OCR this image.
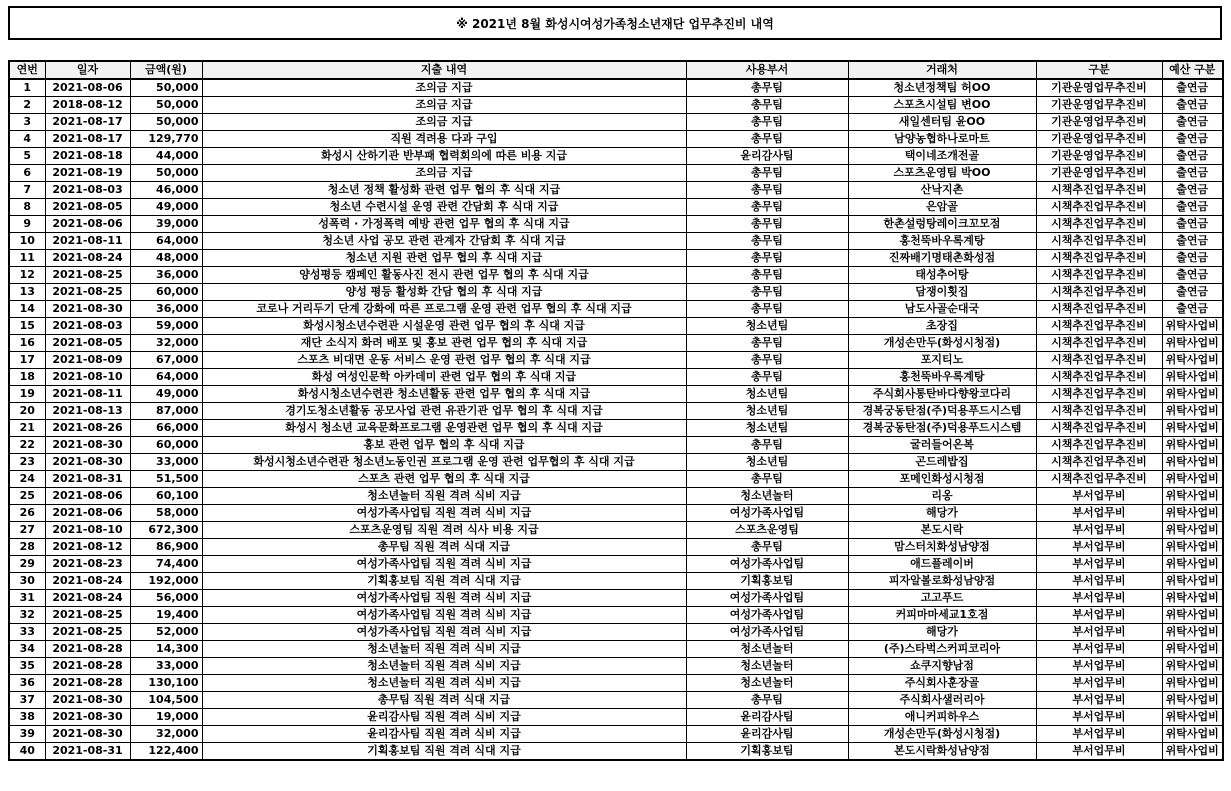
※ 2021년 8월 화성시여성가족청소년재단 업무추진비 내역
연번	일자	금액(원)	지출 내역	사용부서	거래처	구분	예산 구분
1	2021-08-06	50,000	조의금 지급	총무팀	청소년정책팀 허OO	기관운영업무추진비	출연금
2	2018-08-12	50,000	조의금 지급	총무팀	스포츠시설팀 변OO	기관운영업무추진비	출연금
3	2021-08-17	50,000	조의금 지급	총무팀	새일센터팀 윤OO	기관운영업무추진비	출연금
4	2021-08-17	129,770	직원 격려용 다과 구입	총무팀	남양농협하나로마트	기관운영업무추진비	출연금
5	2021-08-18	44,000	화성시 산하기관 반부패 협력회의에 따른 비용 지급	윤리감사팀	택이네조개전골	기관운영업무추진비	출연금
6	2021-08-19	50,000	조의금 지급	총무팀	스포츠운영팀 박OO	기관운영업무추진비	출연금
7	2021-08-03	46,000	청소년 정책 활성화 관련 업무 협의 후 식대 지급	총무팀	산낙지촌	시책추진업무추진비	출연금
8	2021-08-05	49,000	청소년 수련시설 운영 관련 간담회 후 식대 지급	총무팀	은암골	시책추진업무추진비	출연금
9	2021-08-06	39,000	성폭력 · 가정폭력 예방 관련 업무 협의 후 식대 지급	총무팀	한촌설렁탕레이크꼬모점	시책추진업무추진비	출연금
10	2021-08-11	64,000	청소년 사업 공모 관련 관계자 간담회 후 식대 지급	총무팀	홍천뚝바우록계탕	시책추진업무추진비	출연금
11	2021-08-24	48,000	청소년 지원 관련 업무 협의 후 식대 지급	총무팀	진짜배기명태촌화성점	시책추진업무추진비	출연금
12	2021-08-25	36,000	양성평등 캠페인 활동사진 전시 관련 업무 협의 후 식대 지급	총무팀	태성추어탕	시책추진업무추진비	출연금
13	2021-08-25	60,000	양성 평등 활성화 간담 협의 후 식대 지급	총무팀	담쟁이횟집	시책추진업무추진비	출연금
14	2021-08-30	36,000	코로나 거리두기 단계 강화에 따른 프로그램 운영 관련 업무 협의 후 식대 지급	총무팀	남도사골순대국	시책추진업무추진비	출연금
15	2021-08-03	59,000	화성시청소년수련관 시설운영 관련 업무 협의 후 식대 지급	청소년팀	초장집	시책추진업무추진비	위탁사업비
16	2021-08-05	32,000	재단 소식지 화려 배포 및 홍보 관련 업무 협의 후 식대 지급	총무팀	개성손만두(화성시청점)	시책추진업무추진비	위탁사업비
17	2021-08-09	67,000	스포츠 비대면 운동 서비스 운영 관련 업무 협의 후 식대 지급	총무팀	포지티노	시책추진업무추진비	위탁사업비
18	2021-08-10	64,000	화성 여성인문학 아카데미 관련 업무 협의 후 식대 지급	총무팀	홍천뚝바우록계탕	시책추진업무추진비	위탁사업비
19	2021-08-11	49,000	화성시청소년수련관 청소년활동 관련 업무 협의 후 식대 지급	청소년팀	주식회사통탄바다향왕코다리	시책추진업무추진비	위탁사업비
20	2021-08-13	87,000	경기도청소년활동 공모사업 관련 유관기관 업무 협의 후 식대 지급	청소년팀	경복궁동탄점(주)덕용푸드시스템	시책추진업무추진비	위탁사업비
21	2021-08-26	66,000	화성시 청소년 교육문화프로그램 운영관련 업무 협의 후 식대 지급	청소년팀	경복궁동탄점(주)덕용푸드시스템	시책추진업무추진비	위탁사업비
22	2021-08-30	60,000	홍보 관련 업무 협의 후 식대 지급	총무팀	굴러들어온복	시책추진업무추진비	위탁사업비
23	2021-08-30	33,000	화성시청소년수련관 청소년노동인권 프로그램 운영 관련 업무협의 후 식대 지급	청소년팀	곤드레밥집	시책추진업무추진비	위탁사업비
24	2021-08-31	51,500	스포츠 관련 업무 협의 후 식대 지급	총무팀	포메인화성시청점	시책추진업무추진비	위탁사업비
25	2021-08-06	60,100	청소년놀터 직원 격려 식비 지급	청소년놀터	리옹	부서업무비	위탁사업비
26	2021-08-06	58,000	여성가족사업팀 직원 격려 식비 지급	여성가족사업팀	해당가	부서업무비	위탁사업비
27	2021-08-10	672,300	스포츠운영팀 직원 격려 식사 비용 지급	스포츠운영팀	본도시락	부서업무비	위탁사업비
28	2021-08-12	86,900	총무팀 직원 격려 식대 지급	총무팀	맘스터치화성남양점	부서업무비	위탁사업비
29	2021-08-23	74,400	여성가족사업팀 직원 격려 식비 지급	여성가족사업팀	애드플레이버	부서업무비	위탁사업비
30	2021-08-24	192,000	기획홍보팀 직원 격려 식대 지급	기획홍보팀	피자알볼로화성남양점	부서업무비	위탁사업비
31	2021-08-24	56,000	여성가족사업팀 직원 격려 식비 지급	여성가족사업팀	고고푸드	부서업무비	위탁사업비
32	2021-08-25	19,400	여성가족사업팀 직원 격려 식비 지급	여성가족사업팀	커피마마세교1호점	부서업무비	위탁사업비
33	2021-08-25	52,000	여성가족사업팀 직원 격려 식비 지급	여성가족사업팀	해당가	부서업무비	위탁사업비
34	2021-08-28	14,300	청소년놀터 직원 격려 식비 지급	청소년놀터	(주)스타벅스커피코리아	부서업무비	위탁사업비
35	2021-08-28	33,000	청소년놀터 직원 격려 식비 지급	청소년놀터	쇼쿠지향남점	부서업무비	위탁사업비
36	2021-08-28	130,100	청소년놀터 직원 격려 식비 지급	청소년놀터	주식회사훈장골	부서업무비	위탁사업비
37	2021-08-30	104,500	총무팀 직원 격려 식대 지급	총무팀	주식회사샐러리아	부서업무비	위탁사업비
38	2021-08-30	19,000	윤리감사팀 직원 격려 식비 지급	윤리감사팀	애니커피하우스	부서업무비	위탁사업비
39	2021-08-30	32,000	윤리감사팀 직원 격려 식비 지급	윤리감사팀	개성손만두(화성시청점)	부서업무비	위탁사업비
40	2021-08-31	122,400	기획홍보팀 직원 격려 식대 지급	기획홍보팀	본도시락화성남양점	부서업무비	위탁사업비
